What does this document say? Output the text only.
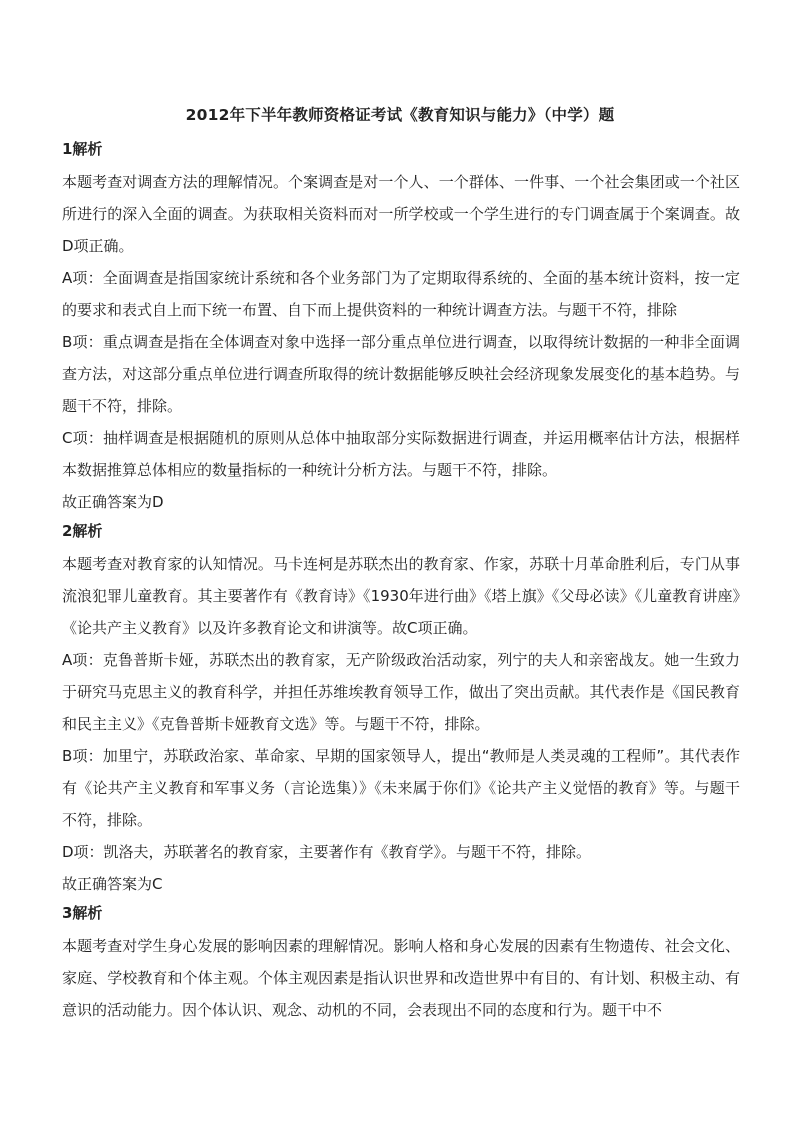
2012年下半年教师资格证考试《教育知识与能力》（中学）题
1解析

本题考查对调查方法的理解情况。个案调查是对一个人、一个群体、一件事、一个社会集团或一个社区所进行的深入全面的调查。为获取相关资料而对一所学校或一个学生进行的专门调查属于个案调查。故D项正确。

A项：全面调查是指国家统计系统和各个业务部门为了定期取得系统的、全面的基本统计资料，按一定的要求和表式自上而下统一布置、自下而上提供资料的一种统计调查方法。与题干不符，排除

B项：重点调查是指在全体调查对象中选择一部分重点单位进行调查，以取得统计数据的一种非全面调查方法，对这部分重点单位进行调查所取得的统计数据能够反映社会经济现象发展变化的基本趋势。与题干不符，排除。

C项：抽样调查是根据随机的原则从总体中抽取部分实际数据进行调查，并运用概率估计方法，根据样本数据推算总体相应的数量指标的一种统计分析方法。与题干不符，排除。

故正确答案为D

2解析

本题考查对教育家的认知情况。马卡连柯是苏联杰出的教育家、作家，苏联十月革命胜利后，专门从事流浪犯罪儿童教育。其主要著作有《教育诗》《1930年进行曲》《塔上旗》《父母必读》《儿童教育讲座》《论共产主义教育》以及许多教育论文和讲演等。故C项正确。

A项：克鲁普斯卡娅，苏联杰出的教育家，无产阶级政治活动家，列宁的夫人和亲密战友。她一生致力于研究马克思主义的教育科学，并担任苏维埃教育领导工作，做出了突出贡献。其代表作是《国民教育和民主主义》《克鲁普斯卡娅教育文选》等。与题干不符，排除。

B项：加里宁，苏联政治家、革命家、早期的国家领导人，提出“教师是人类灵魂的工程师”。其代表作有《论共产主义教育和军事义务（言论选集）》《未来属于你们》《论共产主义觉悟的教育》等。与题干不符，排除。

D项：凯洛夫，苏联著名的教育家，主要著作有《教育学》。与题干不符，排除。

故正确答案为C

3解析

本题考查对学生身心发展的影响因素的理解情况。影响人格和身心发展的因素有生物遗传、社会文化、家庭、学校教育和个体主观。个体主观因素是指认识世界和改造世界中有目的、有计划、积极主动、有意识的活动能力。因个体认识、观念、动机的不同，会表现出不同的态度和行为。题干中不
